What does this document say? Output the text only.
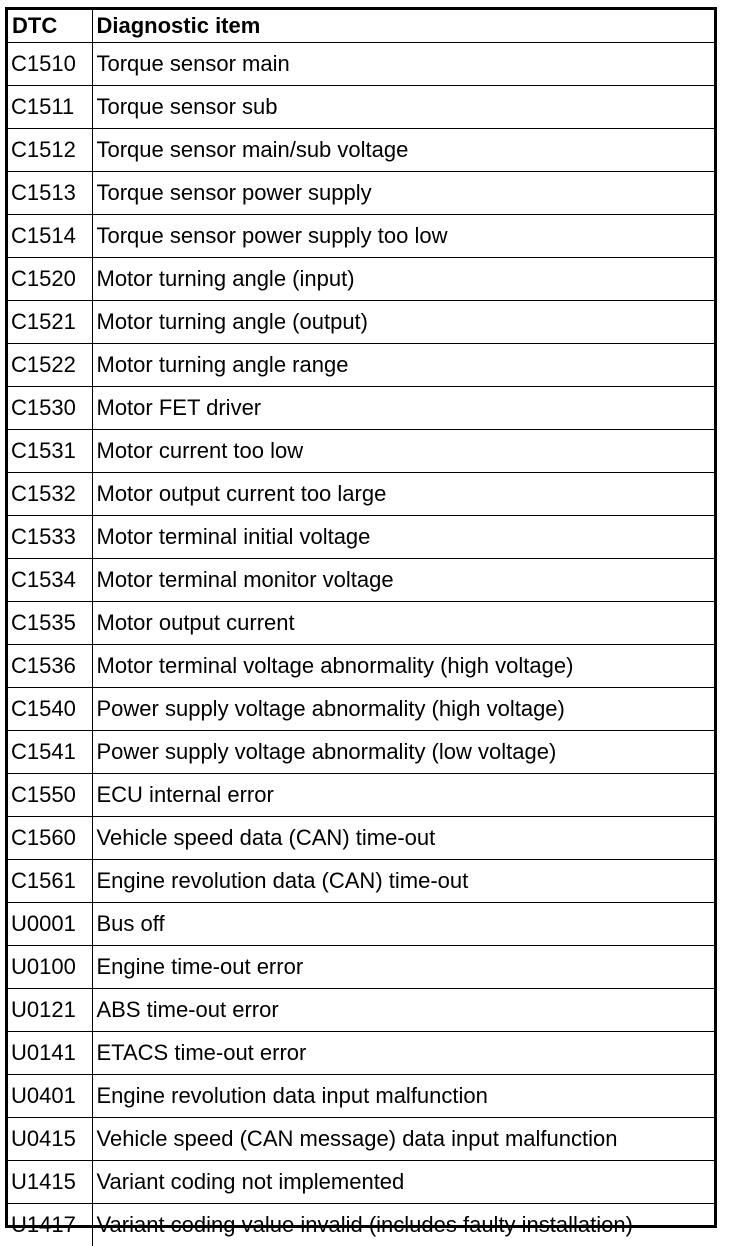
DTC	Diagnostic item
C1510	Torque sensor main
C1511	Torque sensor sub
C1512	Torque sensor main/sub voltage
C1513	Torque sensor power supply
C1514	Torque sensor power supply too low
C1520	Motor turning angle (input)
C1521	Motor turning angle (output)
C1522	Motor turning angle range
C1530	Motor FET driver
C1531	Motor current too low
C1532	Motor output current too large
C1533	Motor terminal initial voltage
C1534	Motor terminal monitor voltage
C1535	Motor output current
C1536	Motor terminal voltage abnormality (high voltage)
C1540	Power supply voltage abnormality (high voltage)
C1541	Power supply voltage abnormality (low voltage)
C1550	ECU internal error
C1560	Vehicle speed data (CAN) time-out
C1561	Engine revolution data (CAN) time-out
U0001	Bus off
U0100	Engine time-out error
U0121	ABS time-out error
U0141	ETACS time-out error
U0401	Engine revolution data input malfunction
U0415	Vehicle speed (CAN message) data input malfunction
U1415	Variant coding not implemented
U1417	Variant coding value invalid (includes faulty installation)
